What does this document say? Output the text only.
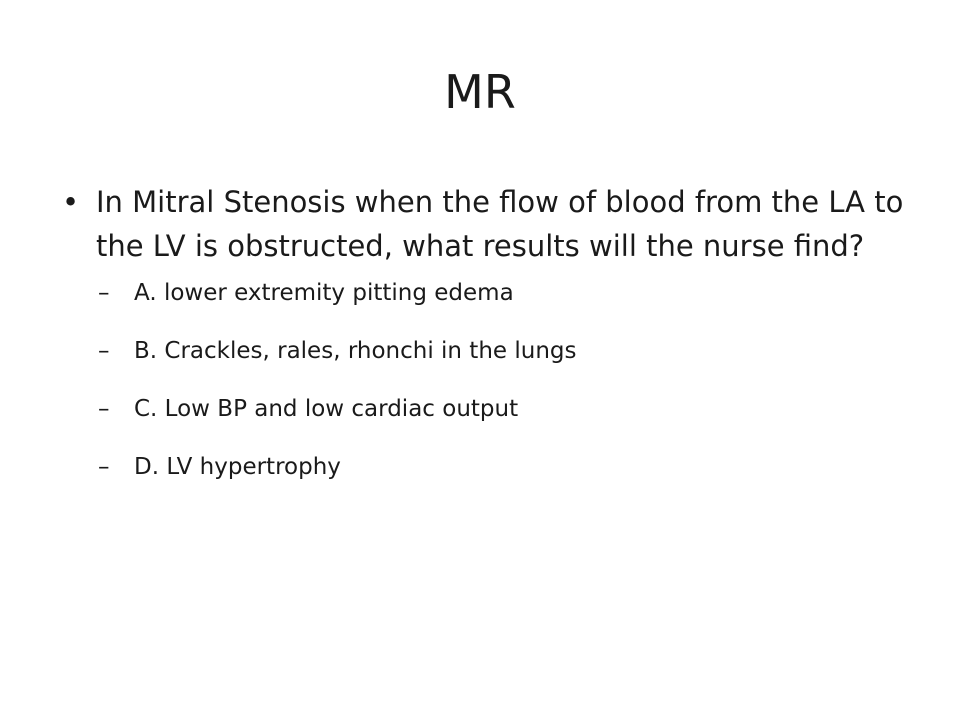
MR
• In Mitral Stenosis when the flow of blood from the LA to the LV is obstructed, what results will the nurse find?
– A. lower extremity pitting edema
– B. Crackles, rales, rhonchi in the lungs
– C. Low BP and low cardiac output
– D. LV hypertrophy
